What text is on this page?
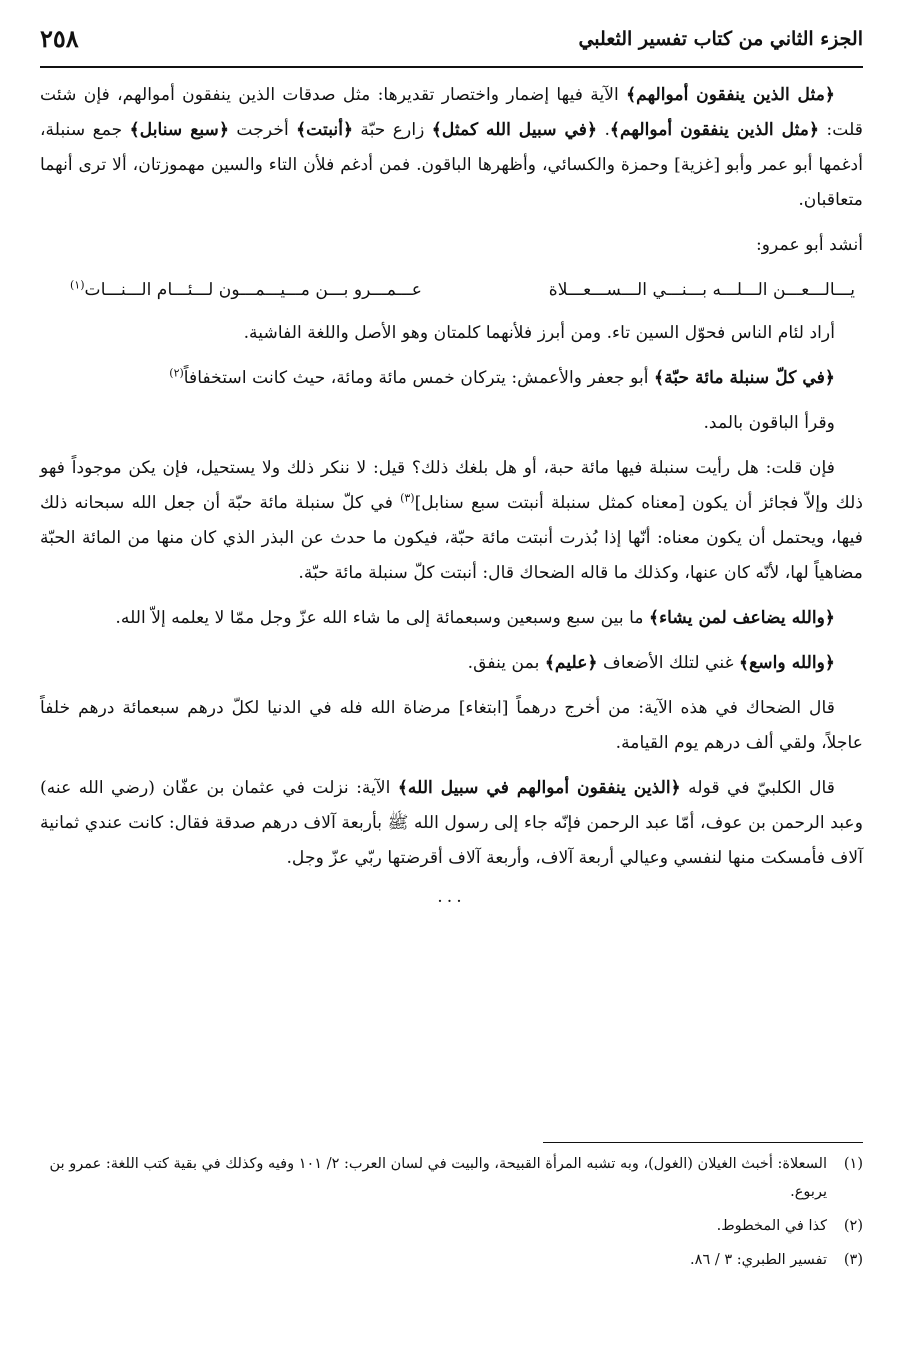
الجزء الثاني من كتاب تفسير الثعلبي
٢٥٨

﴿مثل الذين ينفقون أموالهم﴾ الآية فيها إضمار واختصار تقديرها: مثل صدقات الذين ينفقون أموالهم، فإن شئت قلت: ﴿مثل الذين ينفقون أموالهم﴾. ﴿في سبيل الله كمثل﴾ زارع حبّة ﴿أنبتت﴾ أخرجت ﴿سبع سنابل﴾ جمع سنبلة، أدغمها أبو عمر وأبو [غزية] وحمزة والكسائي، وأظهرها الباقون. فمن أدغم فلأن التاء والسين مهموزتان، ألا ترى أنهما متعاقبان.

أنشد أبو عمرو:

يـــالـــعـــن الـــلـــه بـــنـــي الـــســـعـــلاة
عـــمـــرو بـــن مـــيـــمـــون لـــئـــام الـــنـــات$^{(١)}$

أراد لئام الناس فحوّل السين تاء. ومن أبرز فلأنهما كلمتان وهو الأصل واللغة الفاشية.

﴿في كلّ سنبلة مائة حبّة﴾ أبو جعفر والأعمش: يتركان خمس مائة ومائة، حيث كانت استخفافاً$^{(٢)}$

وقرأ الباقون بالمد.

فإن قلت: هل رأيت سنبلة فيها مائة حبة، أو هل بلغك ذلك؟ قيل: لا ننكر ذلك ولا يستحيل، فإن يكن موجوداً فهو ذلك وإلاّ فجائز أن يكون [معناه كمثل سنبلة أنبتت سبع سنابل]$^{(٣)}$ في كلّ سنبلة مائة حبّة أن جعل الله سبحانه ذلك فيها، ويحتمل أن يكون معناه: أنّها إذا بُذرت أنبتت مائة حبّة، فيكون ما حدث عن البذر الذي كان منها من المائة الحبّة مضاهياً لها، لأنّه كان عنها، وكذلك ما قاله الضحاك قال: أنبتت كلّ سنبلة مائة حبّة.

﴿والله يضاعف لمن يشاء﴾ ما بين سبع وسبعين وسبعمائة إلى ما شاء الله عزّ وجل ممّا لا يعلمه إلاّ الله.

﴿والله واسع﴾ غني لتلك الأضعاف ﴿عليم﴾ بمن ينفق.

قال الضحاك في هذه الآية: من أخرج درهماً [ابتغاء] مرضاة الله فله في الدنيا لكلّ درهم سبعمائة درهم خلفاً عاجلاً، ولقي ألف درهم يوم القيامة.

قال الكلبيّ في قوله ﴿الذين ينفقون أموالهم في سبيل الله﴾ الآية: نزلت في عثمان بن عفّان (رضي الله عنه) وعبد الرحمن بن عوف، أمّا عبد الرحمن فإنّه جاء إلى رسول الله ﷺ بأربعة آلاف درهم صدقة فقال: كانت عندي ثمانية آلاف فأمسكت منها لنفسي وعيالي أربعة آلاف، وأربعة آلاف أقرضتها ربّي عزّ وجل.

...
(١)
السعلاة: أخبث الغيلان (الغول)، وبه تشبه المرأة القبيحة، والبيت في لسان العرب: ٢/ ١٠١ وفيه وكذلك في بقية كتب اللغة: عمرو بن يربوع.
(٢)
كذا في المخطوط.
(٣)
تفسير الطبري: ٣ / ٨٦.
